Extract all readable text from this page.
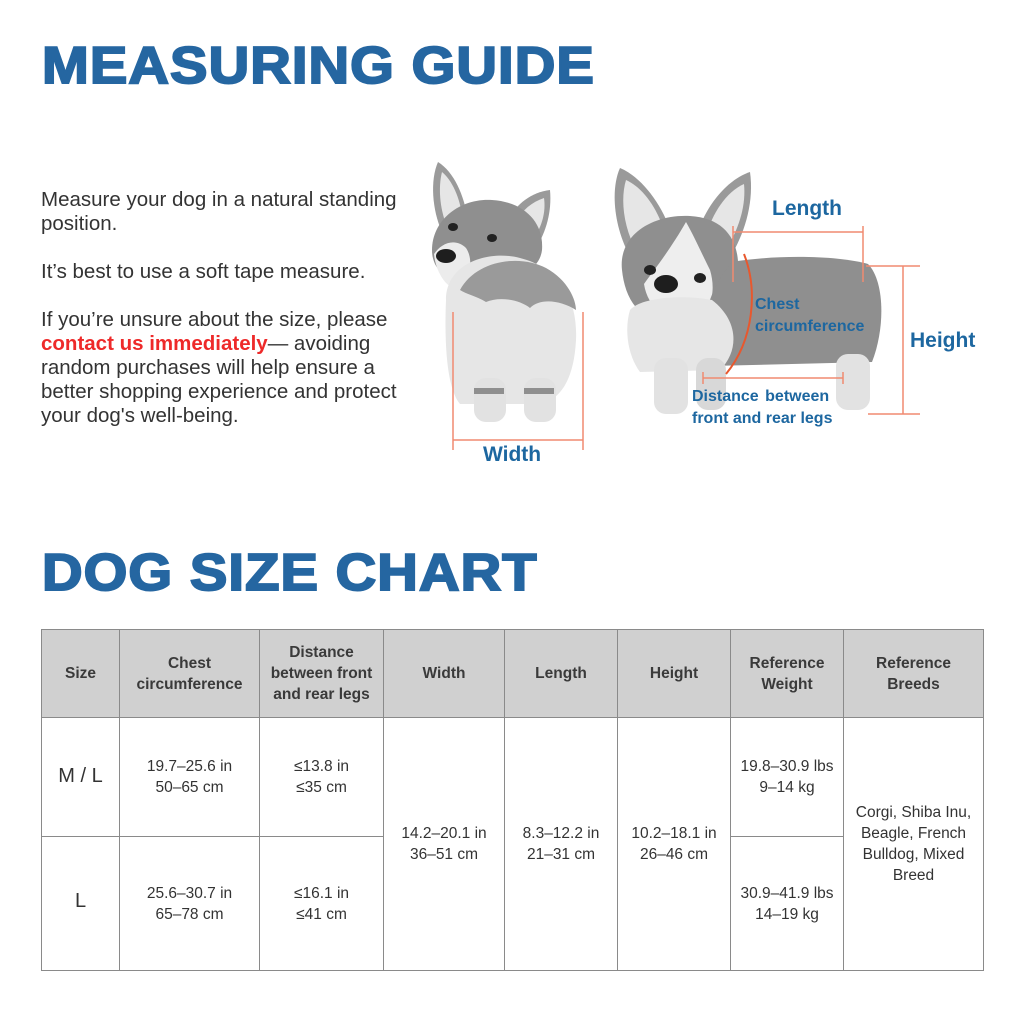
MEASURING GUIDE

Measure your dog in a natural standing position.

It’s best to use a soft tape measure.

If you’re unsure about the size, please contact us immediately— avoiding random purchases will help ensure a better shopping experience and protect your dog's well-being.

Width
Length
Chest
circumference
Height
Distance between
front and rear legs
DOG SIZE CHART
Size	Chest
circumference	Distance
between front
and rear legs	Width	Length	Height	Reference
Weight	Reference
Breeds

M / L	19.7–25.6 in
50–65 cm	≤13.8 in
≤35 cm	14.2–20.1 in
36–51 cm	8.3–12.2 in
21–31 cm	10.2–18.1 in
26–46 cm	19.8–30.9 lbs
9–14 kg	Corgi, Shiba Inu,
Beagle, French
Bulldog, Mixed
Breed

L	25.6–30.7 in
65–78 cm	≤16.1 in
≤41 cm				30.9–41.9 lbs
14–19 kg	
